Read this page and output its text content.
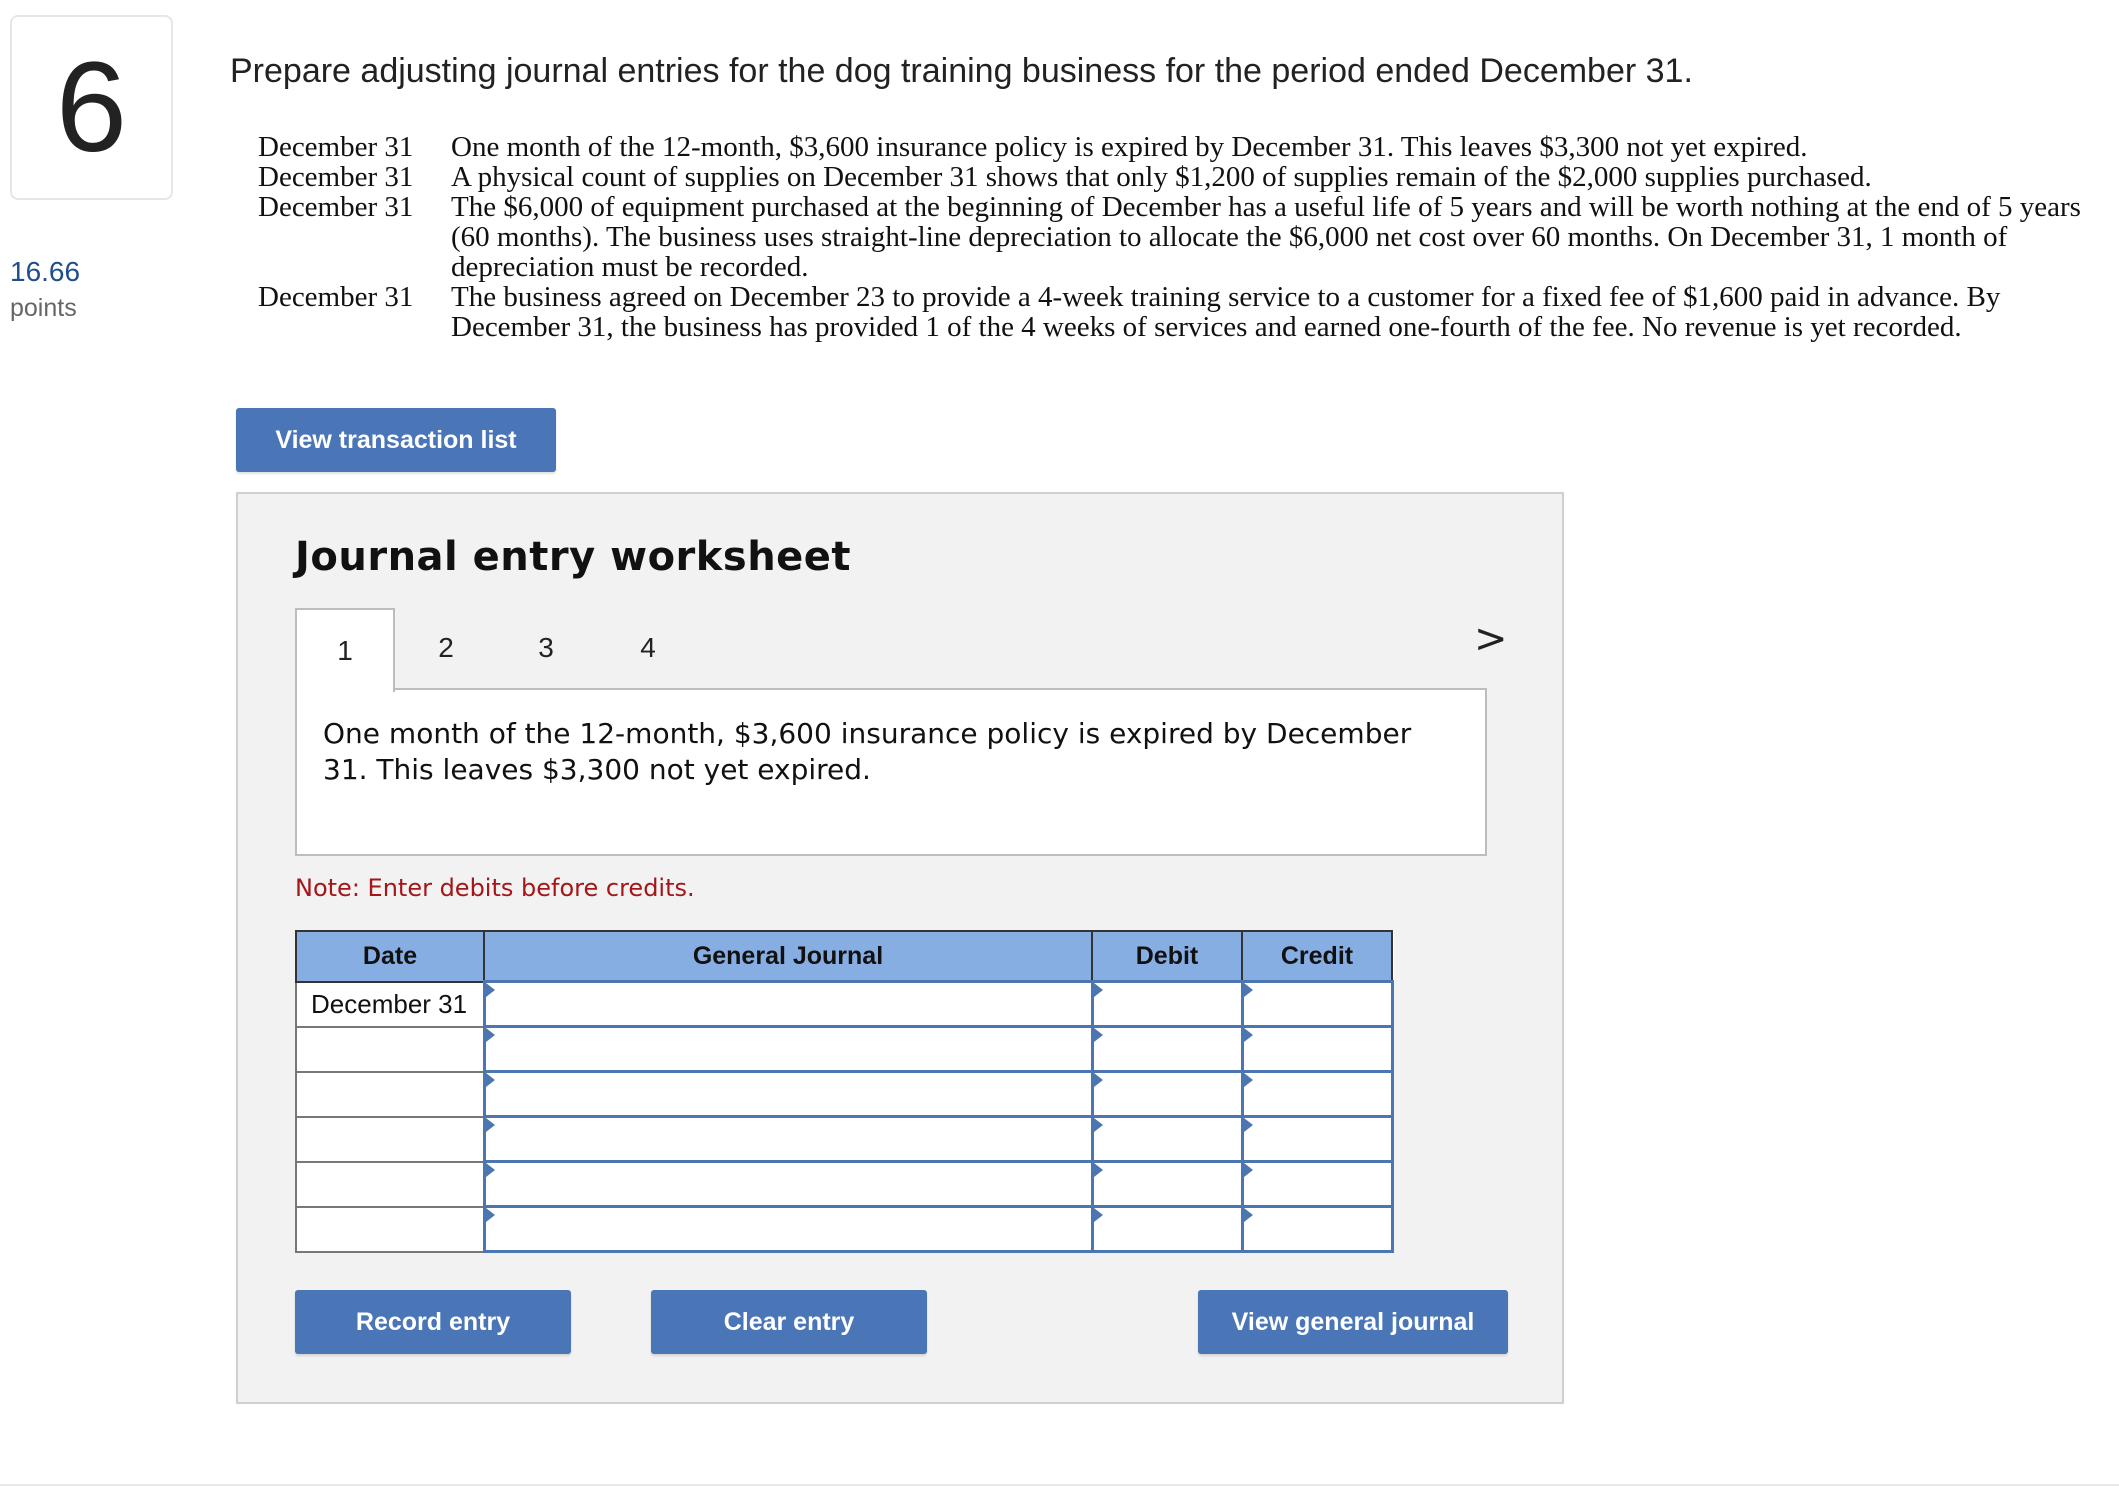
6
16.66
points
Prepare adjusting journal entries for the dog training business for the period ended December 31.
December 31	One month of the 12-month, $3,600 insurance policy is expired by December 31. This leaves $3,300 not yet expired.
December 31	A physical count of supplies on December 31 shows that only $1,200 of supplies remain of the $2,000 supplies purchased.
December 31	The $6,000 of equipment purchased at the beginning of December has a useful life of 5 years and will be worth nothing at the end of 5 years (60 months). The business uses straight-line depreciation to allocate the $6,000 net cost over 60 months. On December 31, 1 month of depreciation must be recorded.
December 31	The business agreed on December 23 to provide a 4-week training service to a customer for a fixed fee of $1,600 paid in advance. By December 31, the business has provided 1 of the 4 weeks of services and earned one-fourth of the fee. No revenue is yet recorded.
View transaction list
Journal entry worksheet
1	2	3	4	>
One month of the 12-month, $3,600 insurance policy is expired by December 31. This leaves $3,300 not yet expired.
Note: Enter debits before credits.
Date	General Journal	Debit	Credit
December 31			

Record entry	Clear entry	View general journal
